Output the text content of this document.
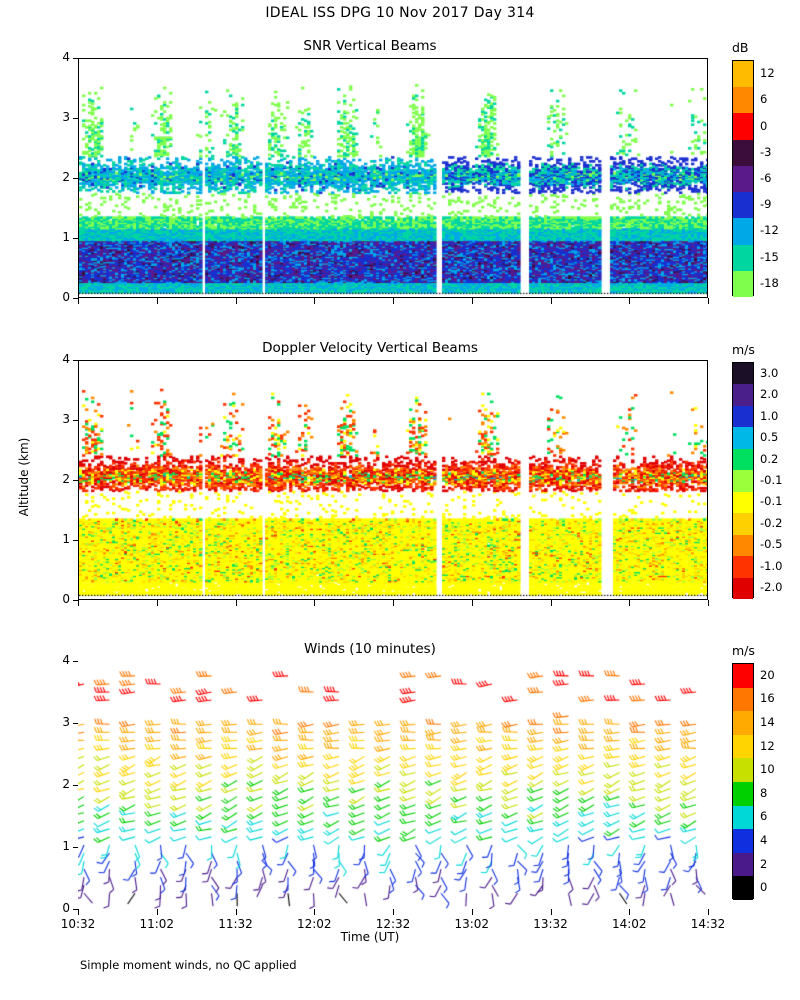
IDEAL ISS DPG 10 Nov 2017 Day 314
Altitude (km)
Time (UT)
Simple moment winds, no QC applied
SNR Vertical Beams
0
1
2
3
4
dB
12
6
0
-3
-6
-9
-12
-15
-18
Doppler Velocity Vertical Beams
0
1
2
3
4
m/s
3.0
2.0
1.0
0.5
0.2
-0.1
-0.1
-0.2
-0.5
-1.0
-2.0
Winds (10 minutes)
0
1
2
3
4
10:32	11:02	11:32	12:02	12:32	13:02	13:32	14:02	14:32
m/s
20
16
14
12
10
8
6
4
2
0
